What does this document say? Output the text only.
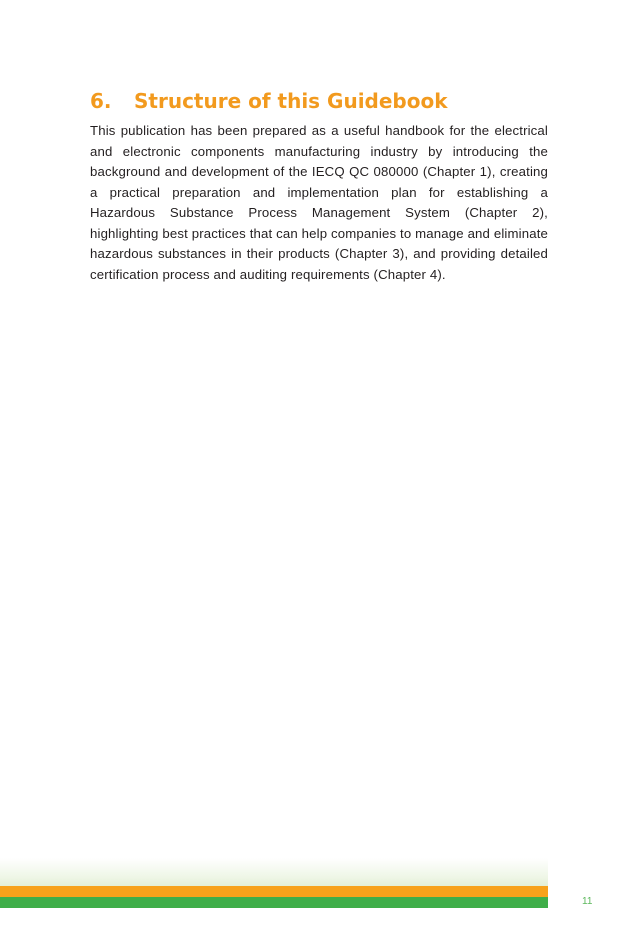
6. Structure of this Guidebook

This publication has been prepared as a useful handbook for the electrical and electronic components manufacturing industry by introducing the background and development of the IECQ QC 080000 (Chapter 1), creating a practical preparation and implementation plan for establishing a Hazardous Substance Process Management System (Chapter 2), highlighting best practices that can help companies to manage and eliminate hazardous substances in their products (Chapter 3), and providing detailed certification process and auditing requirements (Chapter 4).

11
